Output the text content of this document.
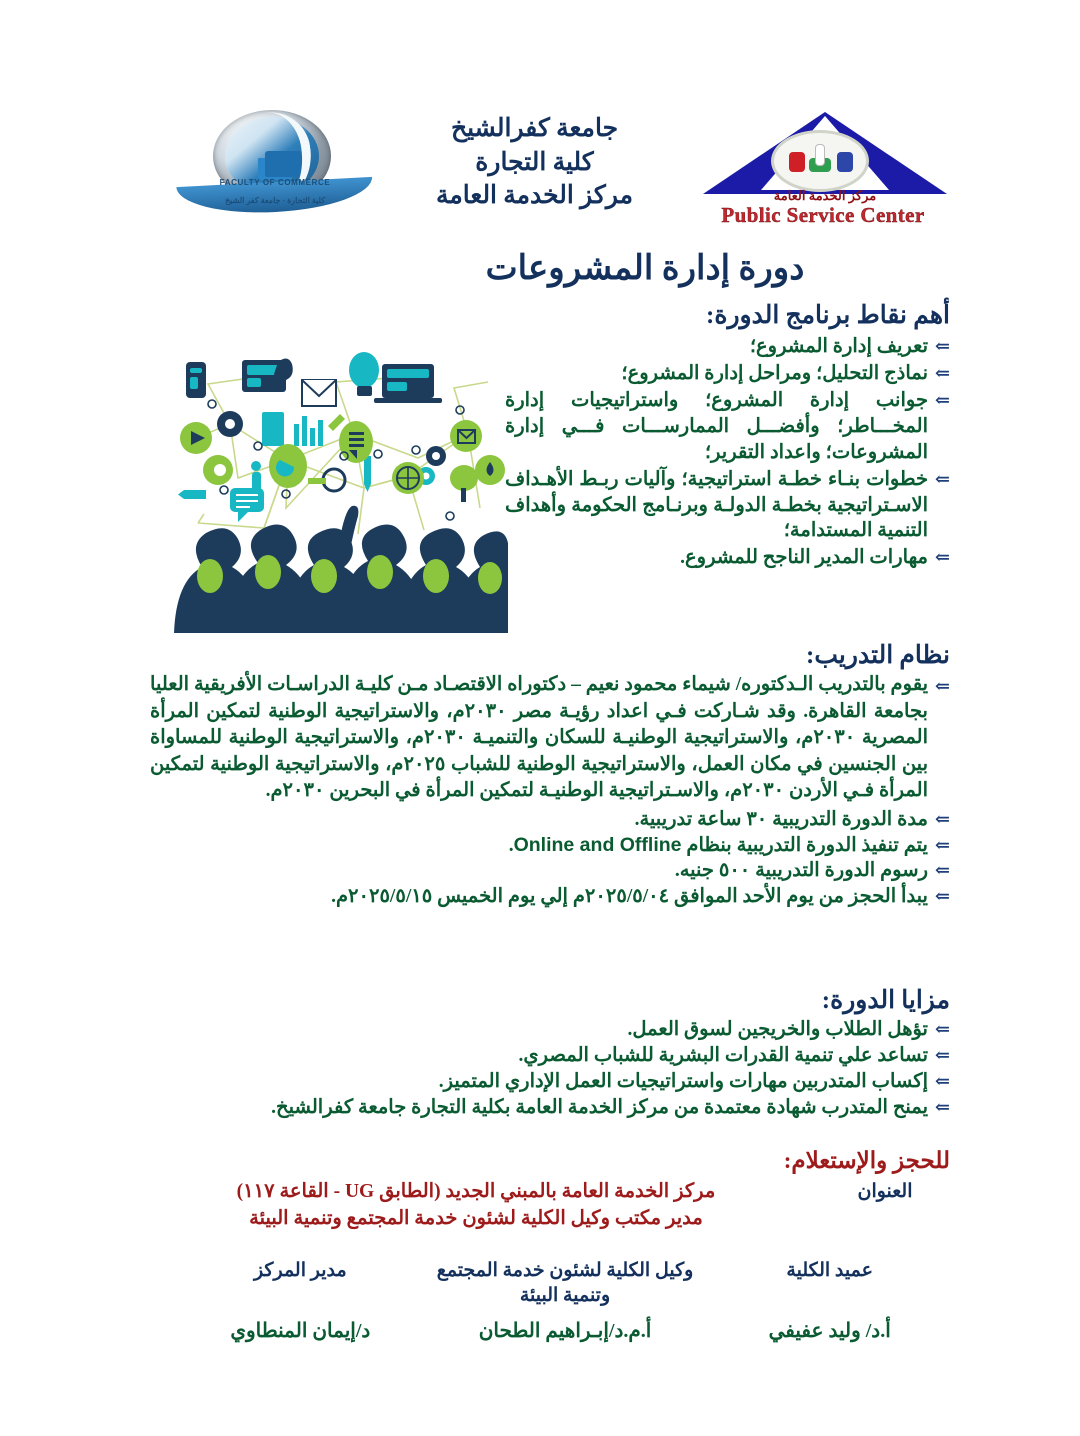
FACULTY OF COMMERCE
كلية التجارة - جامعة كفر الشيخ
جامعة كفرالشيخ
كلية التجارة
مركز الخدمة العامة	مركز الخدمة العامة
Public Service Center
دورة إدارة المشروعات
أهم نقاط برنامج الدورة:
⇐
تعريف إدارة المشروع؛
⇐
نماذج التحليل؛ ومراحل إدارة المشروع؛
⇐
جوانب إدارة المشروع؛ واستراتيجيات إدارة المخـــاطر؛ وأفضـــل الممارســـات فـــي إدارة المشروعات؛ واعداد التقرير؛
⇐
خطوات بنـاء خطـة استراتيجية؛ وآليات ربـط الأهـداف الاسـتراتيجية بخطـة الدولـة وبرنـامج الحكومة وأهداف التنمية المستدامة؛
⇐
مهارات المدير الناجح للمشروع.
نظام التدريب:

⇐
يقوم بالتدريب الـدكتوره/ شيماء محمود نعيم – دكتوراه الاقتصـاد مـن كليـة الدراسـات الأفريقية العليا بجامعة القاهرة. وقد شـاركت فـي اعداد رؤيـة مصر ٢٠٣٠م، والاستراتيجية الوطنية لتمكين المرأة المصرية ٢٠٣٠م، والاستراتيجية الوطنيـة للسكان والتنميـة ٢٠٣٠م، والاستراتيجية الوطنية للمساواة بين الجنسين في مكان العمل، والاستراتيجية الوطنية للشباب ٢٠٢٥م، والاستراتيجية الوطنية لتمكين المرأة فـي الأردن ٢٠٣٠م، والاسـتراتيجية الوطنيـة لتمكين المرأة في البحرين ٢٠٣٠م.

⇐
مدة الدورة التدريبية ٣٠ ساعة تدريبية.
⇐
يتم تنفيذ الدورة التدريبية بنظام Online and Offline.
⇐
رسوم الدورة التدريبية ٥٠٠ جنيه.
⇐
يبدأ الحجز من يوم الأحد الموافق ٢٠٢٥/٥/٠٤م إلي يوم الخميس ٢٠٢٥/٥/١٥م.
مزايا الدورة:
⇐
تؤهل الطلاب والخريجين لسوق العمل.
⇐
تساعد علي تنمية القدرات البشرية للشباب المصري.
⇐
إكساب المتدربين مهارات واستراتيجيات العمل الإداري المتميز.
⇐
يمنح المتدرب شهادة معتمدة من مركز الخدمة العامة بكلية التجارة جامعة كفرالشيخ.
للحجز والإستعلام:
العنوان
مركز الخدمة العامة بالمبني الجديد (الطابق UG - القاعة ١١٧)
مدير مكتب وكيل الكلية لشئون خدمة المجتمع وتنمية البيئة
عميد الكلية
أ.د/ وليد عفيفي
وكيل الكلية لشئون خدمة المجتمع وتنمية البيئة
أ.م.د/إبـراهيم الطحان
مدير المركز
د/إيمان المنطاوي
